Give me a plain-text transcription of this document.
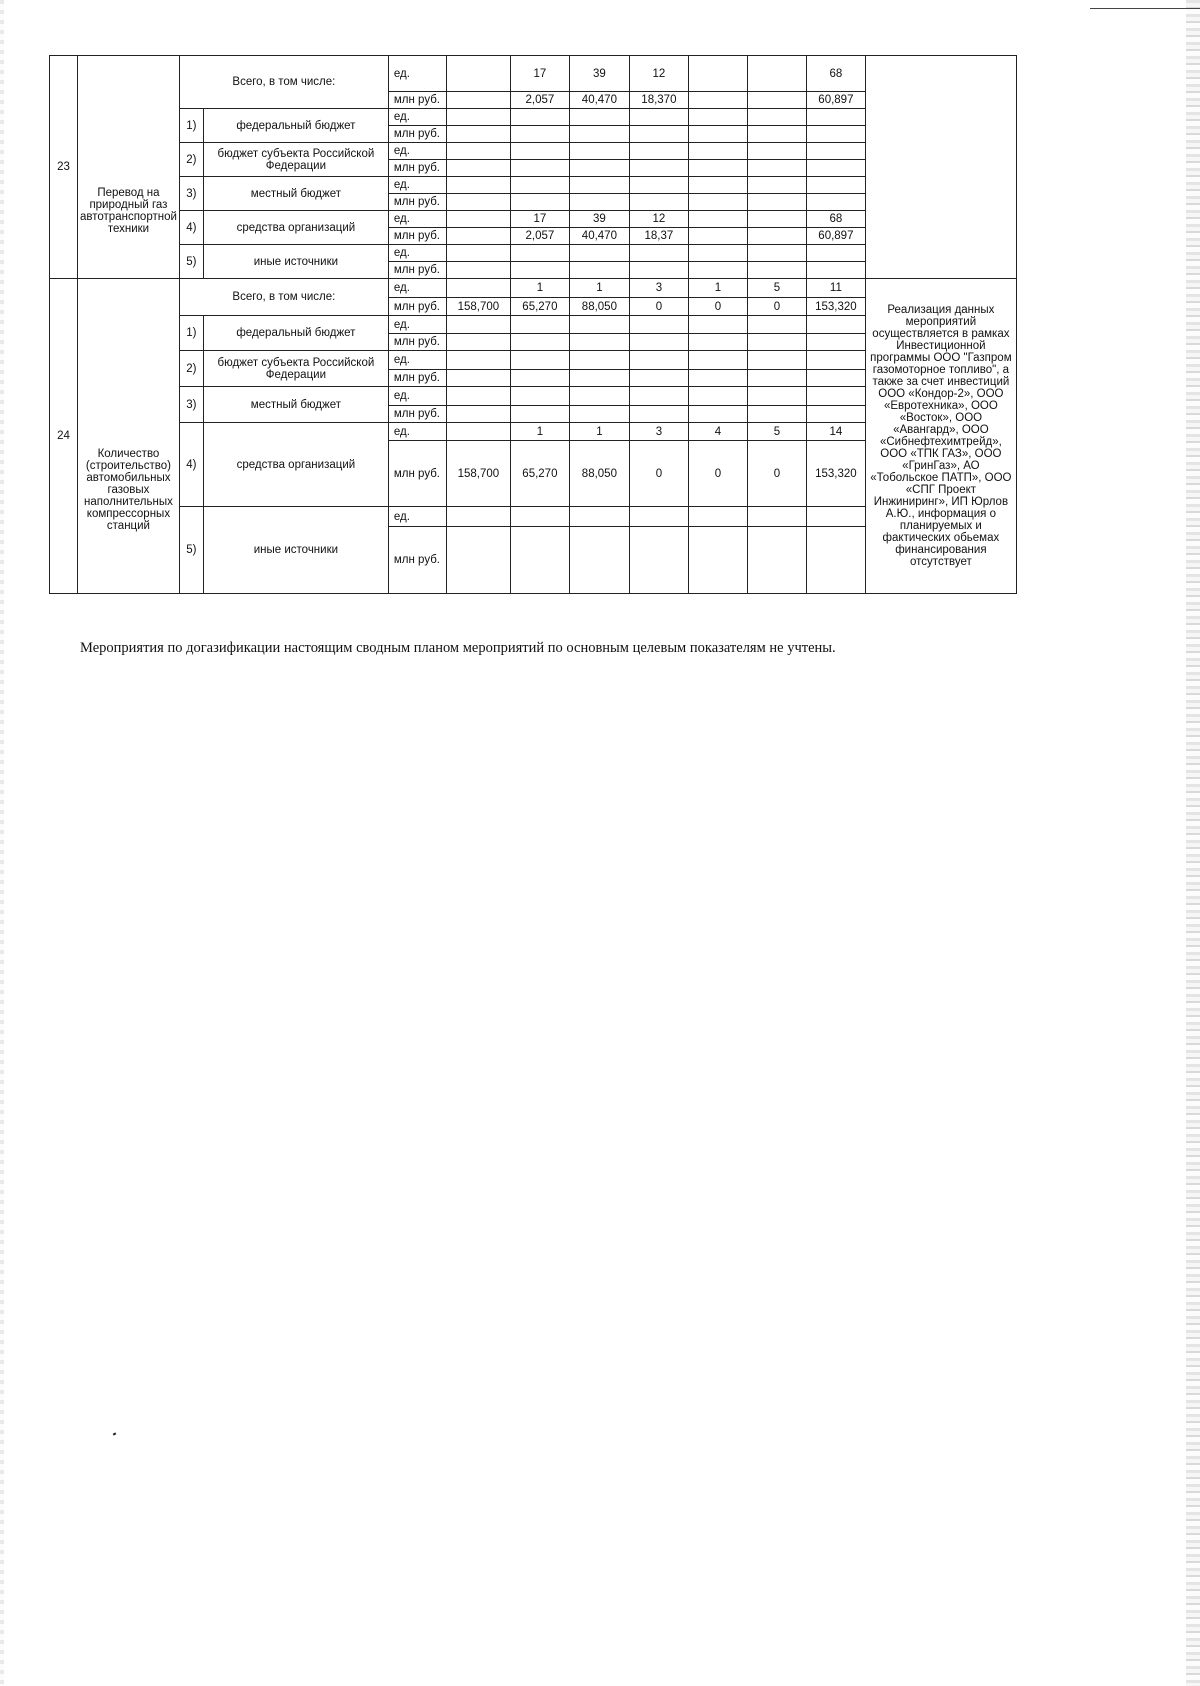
23	Перевод на природный газ автотранспортной техники	Всего, в том числе:		ед.		17	39	12			68	
				млн руб.		2,057	40,470	18,370			60,897	
		1)	федеральный бюджет	ед.								
				млн руб.								
		2)	бюджет субъекта Российской Федерации	ед.								
				млн руб.								
		3)	местный бюджет	ед.								
				млн руб.								
		4)	средства организаций	ед.		17	39	12			68	
				млн руб.		2,057	40,470	18,37			60,897	
		5)	иные источники	ед.								
				млн руб.								
24	Количество (строительство) автомобильных газовых наполнительных компрессорных станций	Всего, в том числе:		ед.		1	1	3	1	5	11	Реализация данных мероприятий осуществляется в рамках Инвестиционной программы ООО "Газпром газомоторное топливо", а также за счет инвестиций ООО «Кондор-2», ООО «Евротехника», ООО «Восток», ООО «Авангард», ООО «Сибнефтехимтрейд», ООО «ТПК ГАЗ», ООО «ГринГаз», АО «Тобольское ПАТП», ООО «СПГ Проект Инжиниринг», ИП Юрлов А.Ю., информация о планируемых и фактических обьемах финансирования отсутствует
				млн руб.	158,700	65,270	88,050	0	0	0	153,320	
		1)	федеральный бюджет	ед.								
				млн руб.								
		2)	бюджет субъекта Российской Федерации	ед.								
				млн руб.								
		3)	местный бюджет	ед.								
				млн руб.								
		4)	средства организаций	ед.		1	1	3	4	5	14	
				млн руб.	158,700	65,270	88,050	0	0	0	153,320	
		5)	иные источники	ед.								
				млн руб.								
Мероприятия по догазификации настоящим сводным планом мероприятий по основным целевым показателям не учтены.
